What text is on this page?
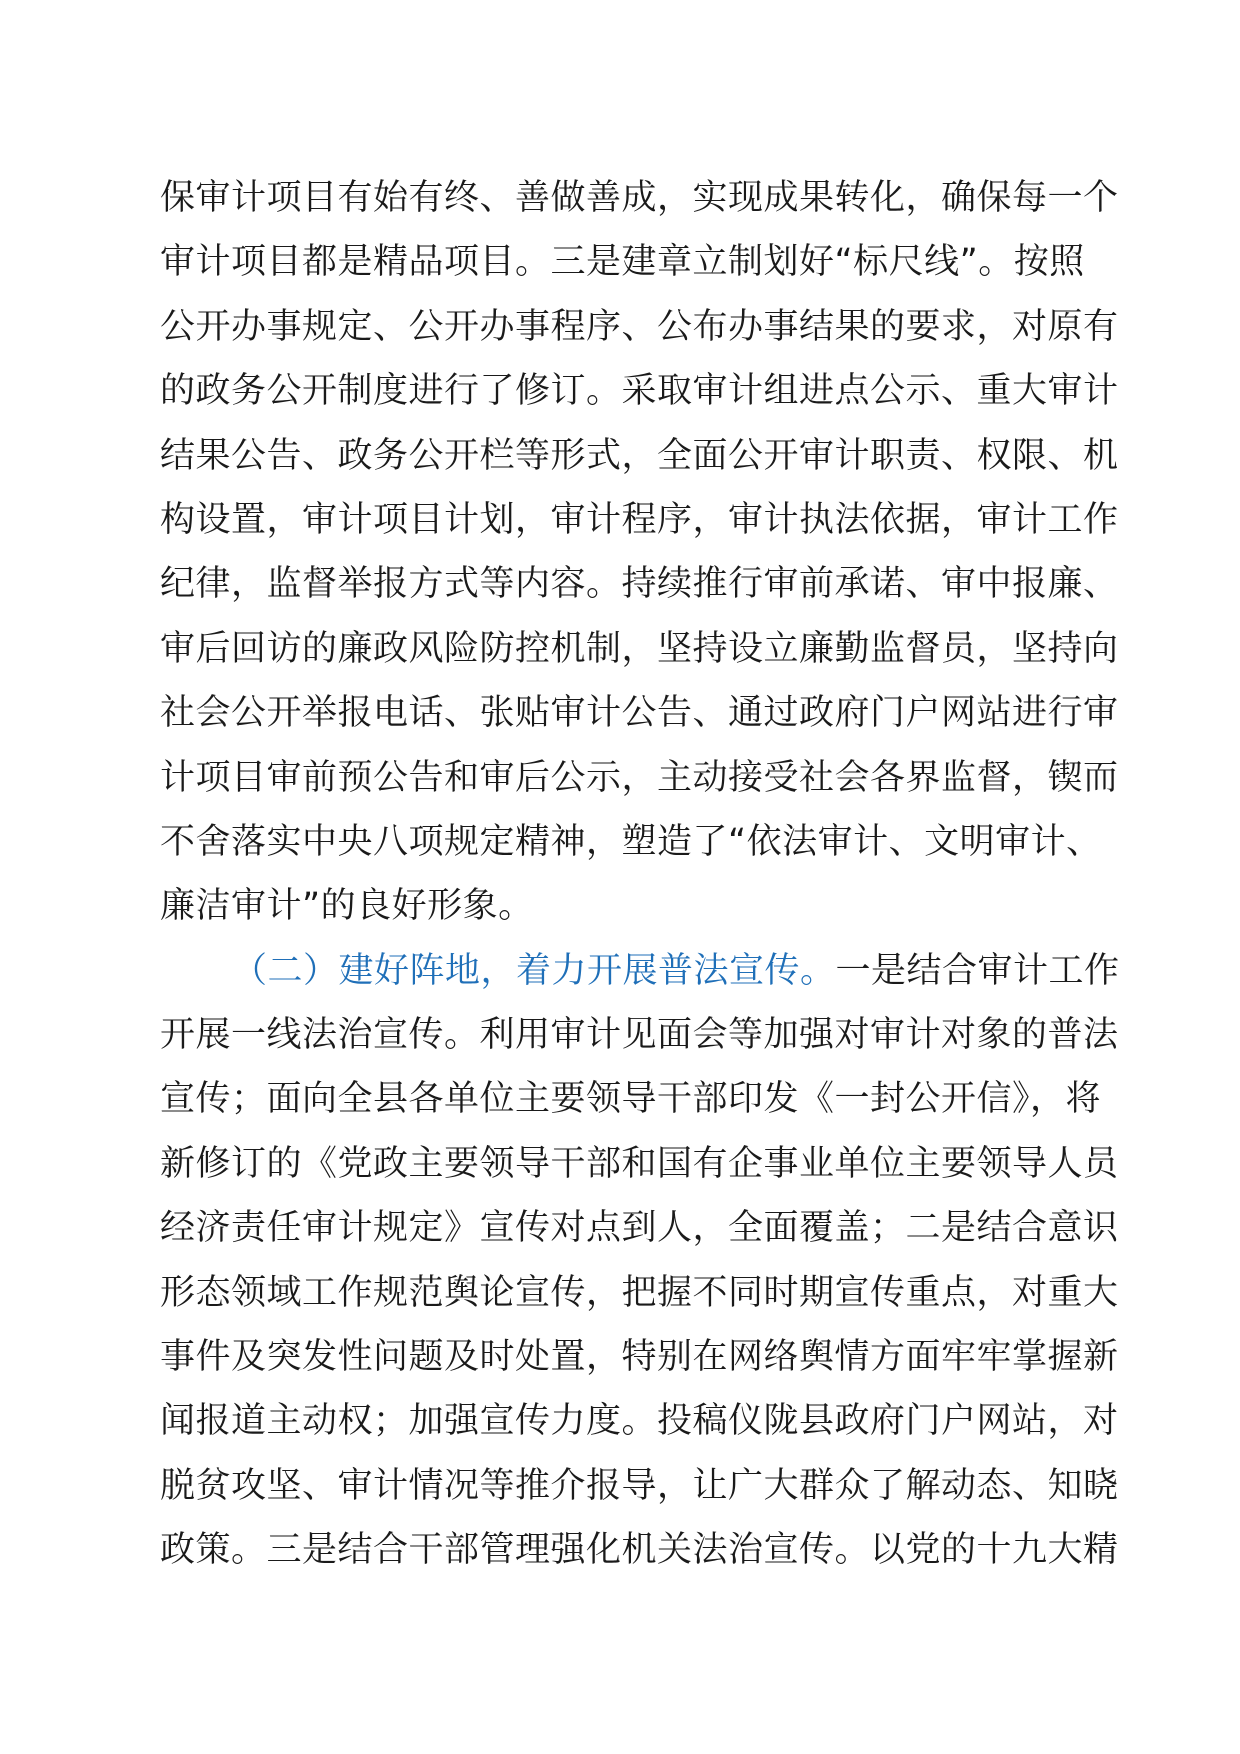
保审计项目有始有终、善做善成，实现成果转化，确保每一个
审计项目都是精品项目。三是建章立制划好“标尺线”。按照
公开办事规定、公开办事程序、公布办事结果的要求，对原有
的政务公开制度进行了修订。采取审计组进点公示、重大审计
结果公告、政务公开栏等形式，全面公开审计职责、权限、机
构设置，审计项目计划，审计程序，审计执法依据，审计工作
纪律，监督举报方式等内容。持续推行审前承诺、审中报廉、
审后回访的廉政风险防控机制，坚持设立廉勤监督员，坚持向
社会公开举报电话、张贴审计公告、通过政府门户网站进行审
计项目审前预公告和审后公示，主动接受社会各界监督，锲而
不舍落实中央八项规定精神，塑造了“依法审计、文明审计、
廉洁审计”的良好形象。
（二）建好阵地，着力开展普法宣传。一是结合审计工作
开展一线法治宣传。利用审计见面会等加强对审计对象的普法
宣传；面向全县各单位主要领导干部印发《一封公开信》，将
新修订的《党政主要领导干部和国有企事业单位主要领导人员
经济责任审计规定》宣传对点到人，全面覆盖；二是结合意识
形态领域工作规范舆论宣传，把握不同时期宣传重点，对重大
事件及突发性问题及时处置，特别在网络舆情方面牢牢掌握新
闻报道主动权；加强宣传力度。投稿仪陇县政府门户网站，对
脱贫攻坚、审计情况等推介报导，让广大群众了解动态、知晓
政策。三是结合干部管理强化机关法治宣传。以党的十九大精
